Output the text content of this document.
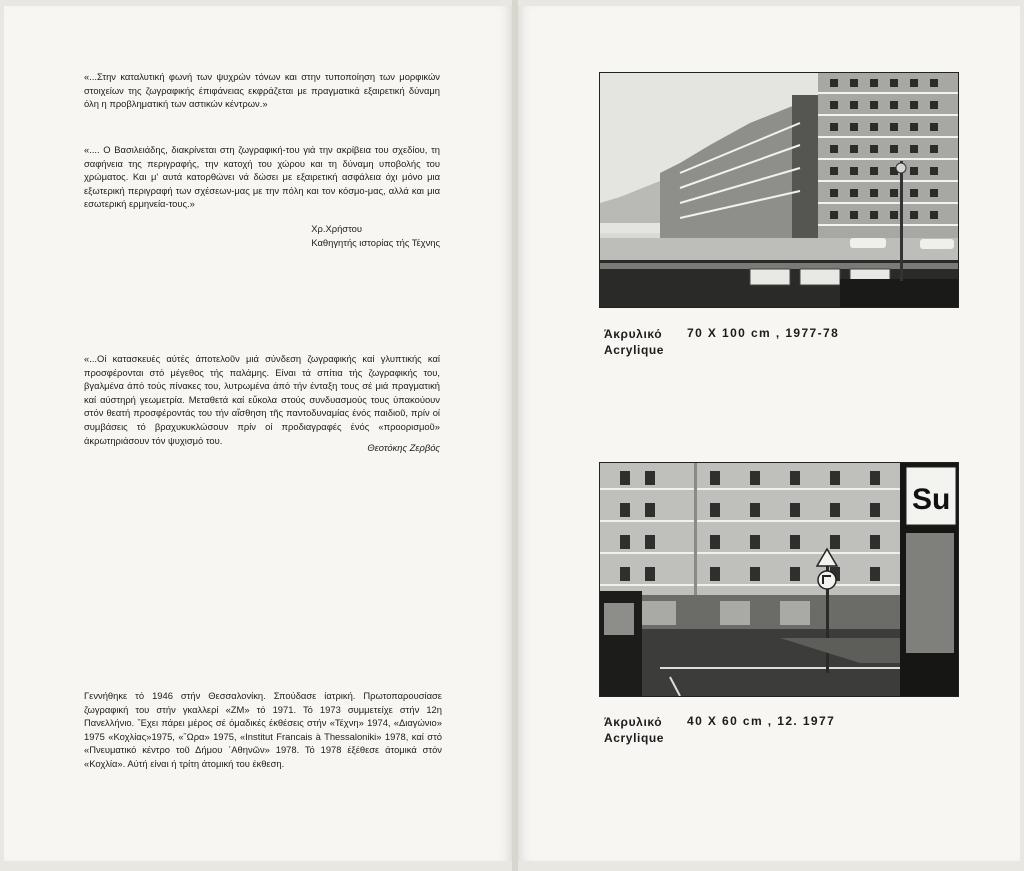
«...Στην καταλυτική φωνή των ψυχρών τόνων και στην τυποποίηση των μορφικών στοιχείων της ζωγραφικής έπιφάνειας εκφράζεται με πραγματικά εξαιρετική δύναμη όλη η προβληματική των αστικών κέντρων.»
«.... Ο Βασιλειάδης, διακρίνεται στη ζωγραφική-του γιά την ακρίβεια του σχεδίου, τη σαφήνεια της περιγραφής, την κατοχή του χώρου και τη δύναμη υποβολής του χρώματος. Και μ' αυτά κατορθώνει νά δώσει με εξαιρετική ασφάλεια όχι μόνο μια εξωτερική περιγραφή των σχέσεων-μας με την πόλη και τον κόσμο-μας, αλλά και μια εσωτερική ερμηνεία-τους.»
Χρ.Χρήστου
Καθηγητής ιστορίας τής Τέχνης
«...Οί κατασκευές αύτές άποτελοῦν μιά σύνδεση ζωγραφικής καί γλυπτικής καί προσφέρονται στό μέγεθος τής παλάμης. Είναι τά σπίτια τής ζωγραφικής του, βγαλμένα άπό τούς πίνακες του, λυτρωμένα άπό τήν ένταξη τους σέ μιά πραγματική καί αύστηρή γεωμετρία. Μεταθετά καί εὔκολα στούς συνδυασμούς τους ύπακούουν στόν θεατή προσφέροντάς του τήν αἴσθηση τῆς παντοδυναμίας ένός παιδιοῦ, πρίν οί συμβάσεις τό βραχυκυκλώσουν πρίν οί προδιαγραφές ένός «προορισμοῦ» άκρωτηριάσουν τόν ψυχισμό του.
Θεοτόκης Ζερβός
Γεννήθηκε τό 1946 στήν Θεσσαλονίκη. Σπούδασε ίατρική. Πρωτοπαρουσίασε ζωγραφική του στήν γκαλλερί «ΖΜ» τό 1971. Τό 1973 συμμετείχε στήν 12η Πανελλήνιο. ῎Εχει πάρει μέρος σέ όμαδικές έκθέσεις στήν «Τέχνη» 1974, «Διαγώνιο» 1975 «Κοχλίας»1975, «῞Ωρα» 1975, «Institut Francais à Thessaloniki» 1978, καί στό «Πνευματικό κέντρο τοῦ Δήμου ᾽Αθηνῶν» 1978. Τό 1978 έξέθεσε άτομικά στόν «Κοχλία». Αύτή είναι ή τρίτη άτομική του έκθεση.
Άκρυλικό
Acrylique
70 X 100 cm , 1977-78
Su
Άκρυλικό
Acrylique
40 X 60 cm , 12. 1977
